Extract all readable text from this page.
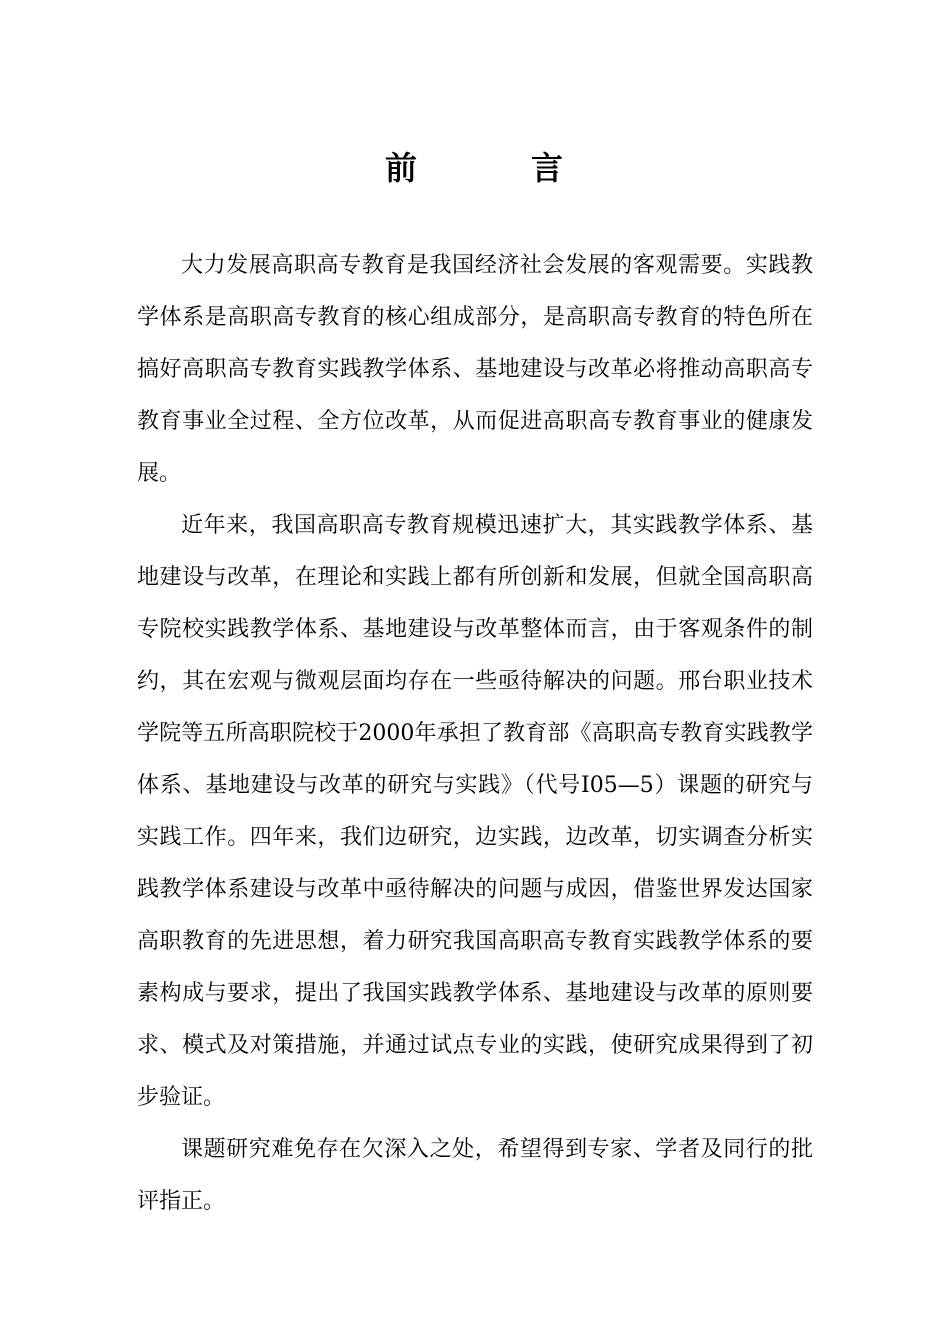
前	言

大力发展高职高专教育是我国经济社会发展的客观需要。实践教学体系是高职高专教育的核心组成部分，是高职高专教育的特色所在搞好高职高专教育实践教学体系、基地建设与改革必将推动高职高专教育事业全过程、全方位改革，从而促进高职高专教育事业的健康发展。

近年来，我国高职高专教育规模迅速扩大，其实践教学体系、基地建设与改革，在理论和实践上都有所创新和发展，但就全国高职高专院校实践教学体系、基地建设与改革整体而言，由于客观条件的制约，其在宏观与微观层面均存在一些亟待解决的问题。邢台职业技术学院等五所高职院校于2000年承担了教育部《高职高专教育实践教学体系、基地建设与改革的研究与实践》（代号I05—5）课题的研究与实践工作。四年来，我们边研究，边实践，边改革，切实调查分析实践教学体系建设与改革中亟待解决的问题与成因，借鉴世界发达国家高职教育的先进思想，着力研究我国高职高专教育实践教学体系的要素构成与要求，提出了我国实践教学体系、基地建设与改革的原则要求、模式及对策措施，并通过试点专业的实践，使研究成果得到了初步验证。

课题研究难免存在欠深入之处，希望得到专家、学者及同行的批评指正。
